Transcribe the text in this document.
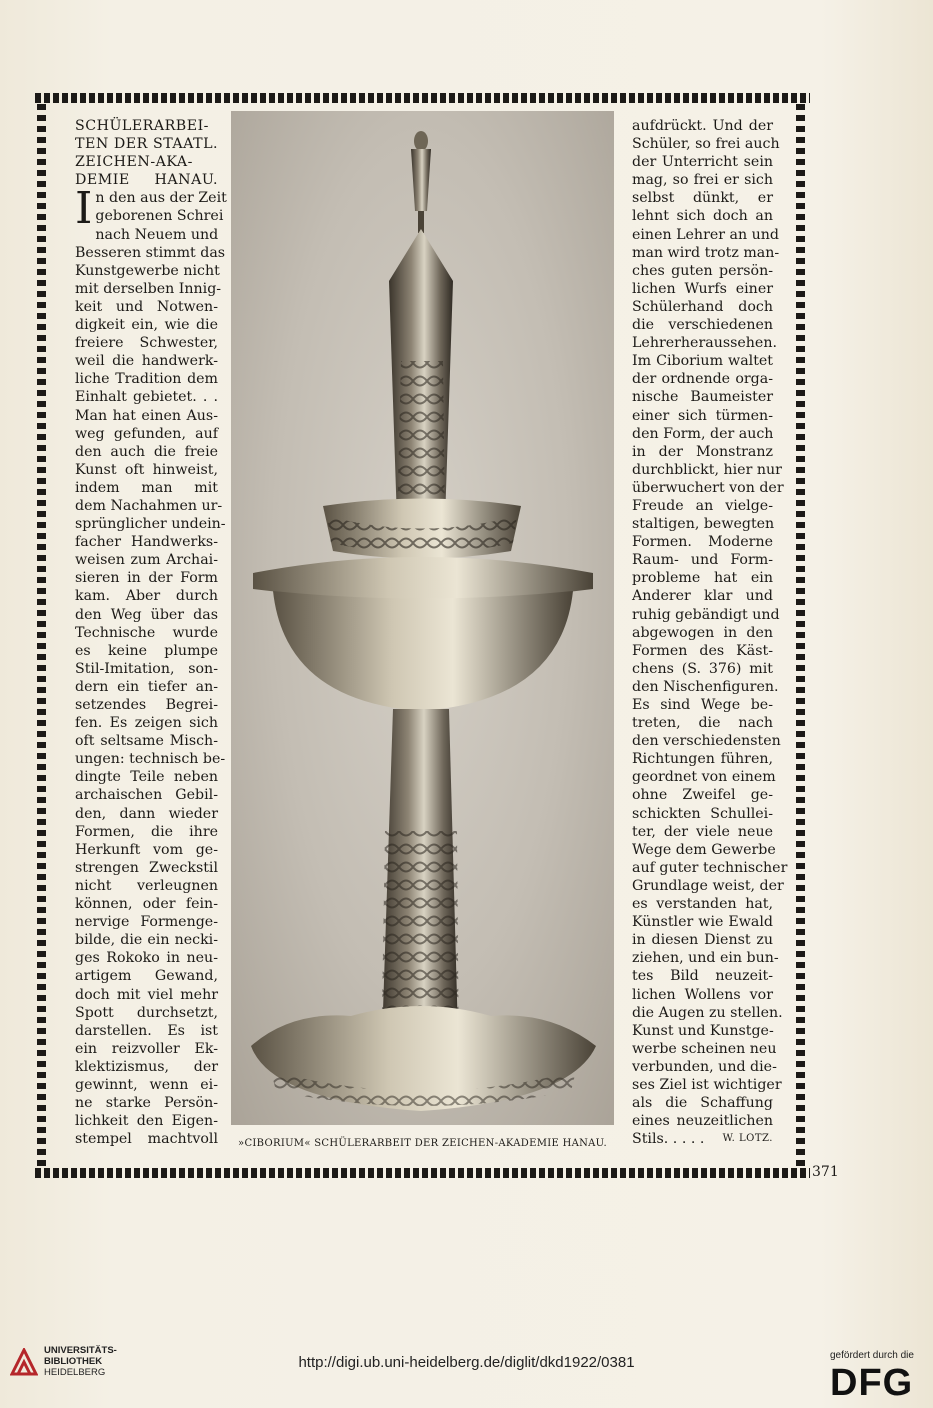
SCHÜLERARBEI-
TEN DER STAATL.
ZEICHEN-AKA-
DEMIE HANAU.
I n den aus der Zeit
geborenen Schrei
nach Neuem und
Besseren stimmt das
Kunstgewerbe nicht
mit derselben Innig-
keit und Notwen-
digkeit ein, wie die
freiere Schwester,
weil die handwerk-
liche Tradition dem
Einhalt gebietet. . .
Man hat einen Aus-
weg gefunden, auf
den auch die freie
Kunst oft hinweist,
indem man mit
dem Nachahmen ur-
sprünglicher undein-
facher Handwerks-
weisen zum Archai-
sieren in der Form
kam. Aber durch
den Weg über das
Technische wurde
es keine plumpe
Stil-Imitation, son-
dern ein tiefer an-
setzendes Begrei-
fen. Es zeigen sich
oft seltsame Misch-
ungen: technisch be-
dingte Teile neben
archaischen Gebil-
den, dann wieder
Formen, die ihre
Herkunft vom ge-
strengen Zweckstil
nicht verleugnen
können, oder fein-
nervige Formenge-
bilde, die ein necki-
ges Rokoko in neu-
artigem Gewand,
doch mit viel mehr
Spott durchsetzt,
darstellen. Es ist
ein reizvoller Ek-
klektizismus, der
gewinnt, wenn ei-
ne starke Persön-
lichkeit den Eigen-
stempel machtvoll	»CIBORIUM« SCHÜLERARBEIT DER ZEICHEN-AKADEMIE HANAU.
aufdrückt. Und der
Schüler, so frei auch
der Unterricht sein
mag, so frei er sich
selbst dünkt, er
lehnt sich doch an
einen Lehrer an und
man wird trotz man-
ches guten persön-
lichen Wurfs einer
Schülerhand doch
die verschiedenen
Lehrerheraussehen.
Im Ciborium waltet
der ordnende orga-
nische Baumeister
einer sich türmen-
den Form, der auch
in der Monstranz
durchblickt, hier nur
überwuchert von der
Freude an vielge-
staltigen, bewegten
Formen. Moderne
Raum- und Form-
probleme hat ein
Anderer klar und
ruhig gebändigt und
abgewogen in den
Formen des Käst-
chens (S. 376) mit
den Nischenfiguren.
Es sind Wege be-
treten, die nach
den verschiedensten
Richtungen führen,
geordnet von einem
ohne Zweifel ge-
schickten Schullei-
ter, der viele neue
Wege dem Gewerbe
auf guter technischer
Grundlage weist, der
es verstanden hat,
Künstler wie Ewald
in diesen Dienst zu
ziehen, und ein bun-
tes Bild neuzeit-
lichen Wollens vor
die Augen zu stellen.
Kunst und Kunstge-
werbe scheinen neu
verbunden, und die-
ses Ziel ist wichtiger
als die Schaffung
eines neuzeitlichen
Stils. . . . . W. LOTZ.
371
UNIVERSITÄTS-
BIBLIOTHEK
HEIDELBERG
http://digi.ub.uni-heidelberg.de/diglit/dkd1922/0381	gefördert durch die
DFG
